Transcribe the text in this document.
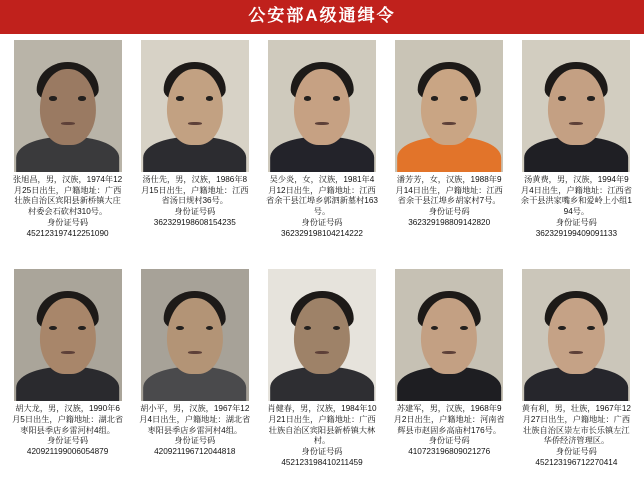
公安部A级通缉令
张旭昌，男，汉族，1974年12月25日出生，户籍地址：广西壮族自治区宾阳县新桥镇大庄村委会石砍村310号。
身份证号码
452123197412251090
汤仕先，男，汉族，1986年8月15日出生，户籍地址：江西省汤日规村36号。
身份证号码
362329198608154235
吴少炎，女，汉族，1981年4月12日出生，户籍地址：江西省余干县江埠乡郭泗新墓村163号。
身份证号码
362329198104214222
潘芳芳，女，汉族，1988年9月14日出生，户籍地址：江西省余干县江埠乡胡家村7号。
身份证号码
362329198809142820
汤黄费，男，汉族，1994年9月4日出生，户籍地址：江西省余干县洪家嘴乡和爱岭上小组194号。
身份证号码
362329199409091133
胡大龙，男，汉族，1990年6月5日出生，户籍地址：湖北省枣阳县季店乡雷河村4组。
身份证号码
420921199006054879
胡小平，男，汉族，1967年12月4日出生，户籍地址：湖北省枣阳县季店乡雷河村4组。
身份证号码
420921196712044818
肖健春，男，汉族，1984年10月21日出生，户籍地址：广西壮族自治区宾阳县新桥镇大林村。
身份证号码
452123198410211459
苏建军，男，汉族，1968年9月2日出生，户籍地址：河南省辉县市赵固乡高庙村176号。
身份证号码
410723196809021276
黄有利，男，壮族，1967年12月27日出生，户籍地址：广西壮族自治区崇左市长乐镇左江华侨经济管理区。
身份证号码
452123196712270414
